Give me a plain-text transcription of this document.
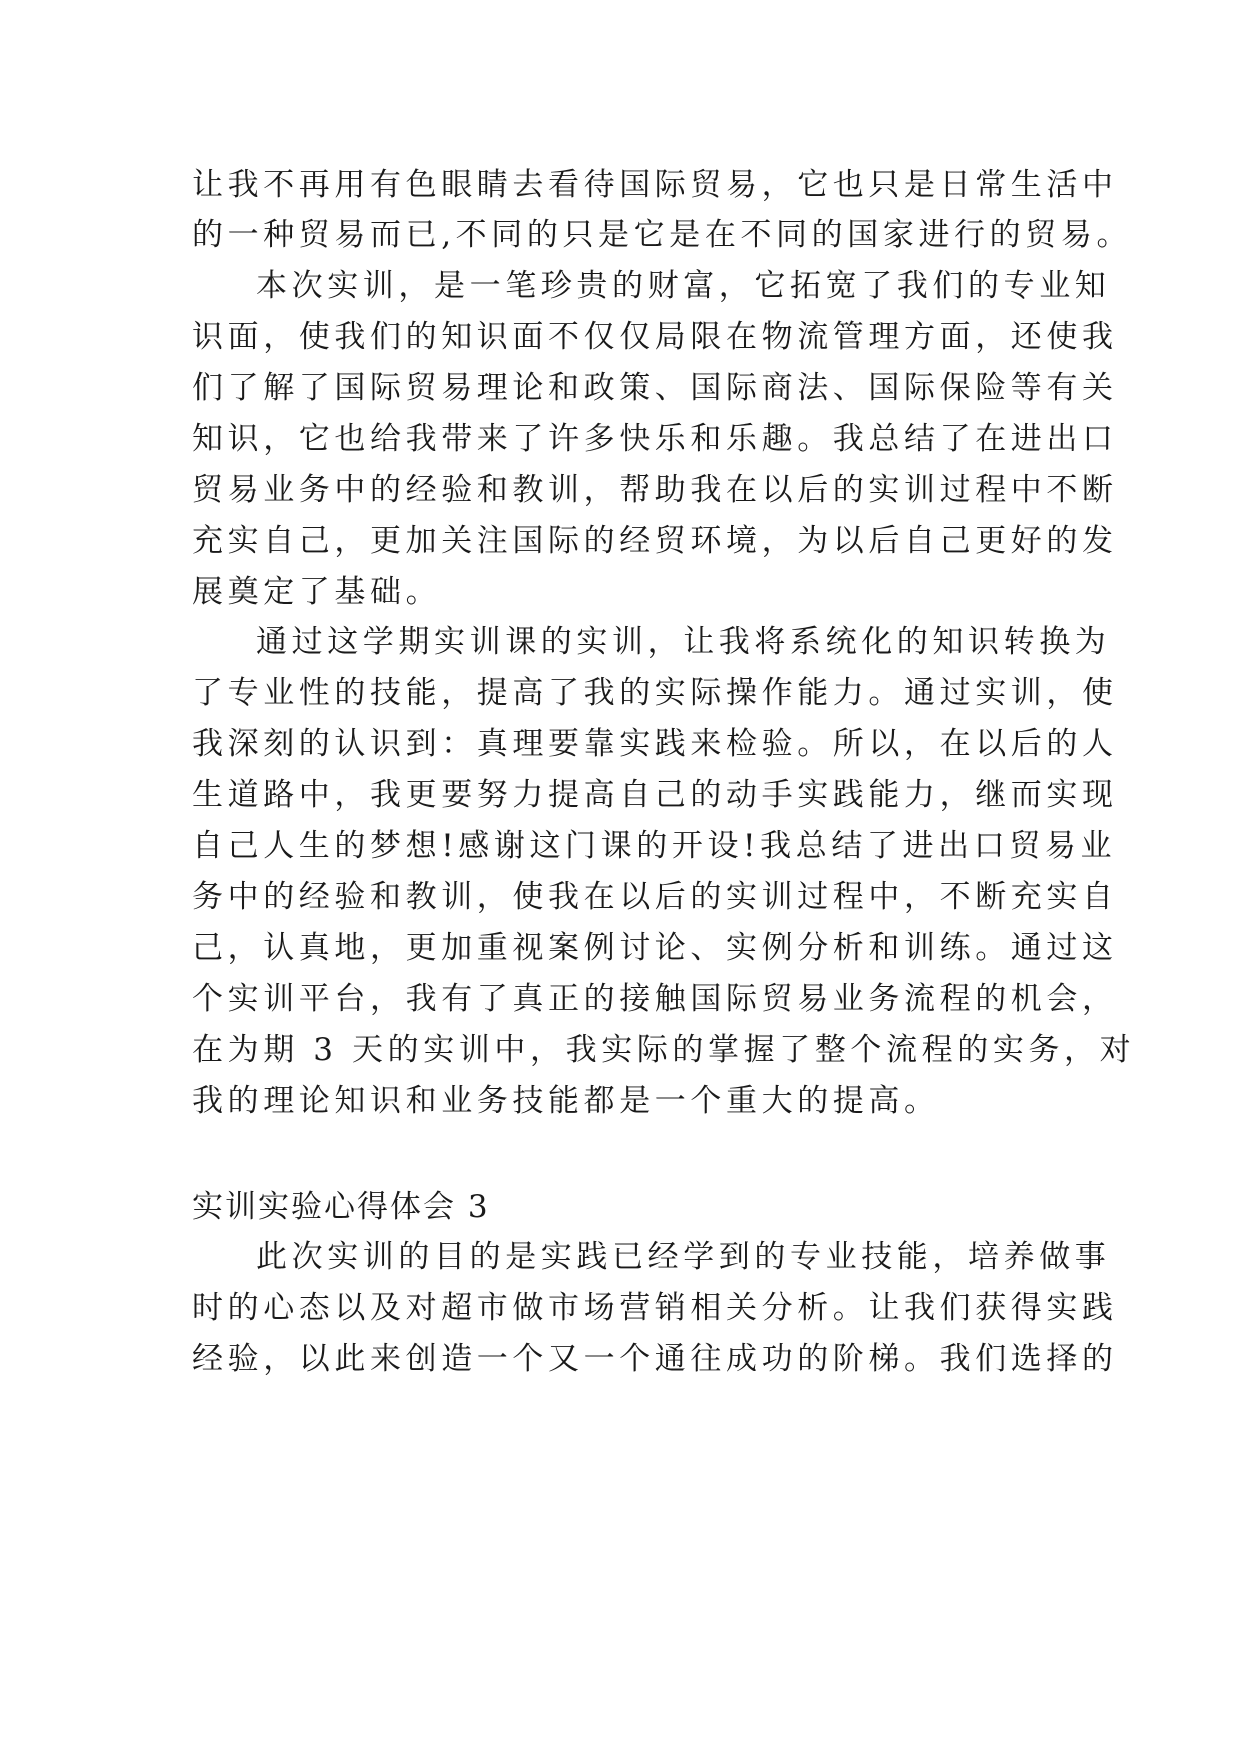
让我不再用有色眼睛去看待国际贸易，它也只是日常生活中
的一种贸易而已,不同的只是它是在不同的国家进行的贸易。
本次实训，是一笔珍贵的财富，它拓宽了我们的专业知
识面，使我们的知识面不仅仅局限在物流管理方面，还使我
们了解了国际贸易理论和政策、国际商法、国际保险等有关
知识，它也给我带来了许多快乐和乐趣。我总结了在进出口
贸易业务中的经验和教训，帮助我在以后的实训过程中不断
充实自己，更加关注国际的经贸环境，为以后自己更好的发
展奠定了基础。
通过这学期实训课的实训，让我将系统化的知识转换为
了专业性的技能，提高了我的实际操作能力。通过实训，使
我深刻的认识到：真理要靠实践来检验。所以，在以后的人
生道路中，我更要努力提高自己的动手实践能力，继而实现
自己人生的梦想!感谢这门课的开设!我总结了进出口贸易业
务中的经验和教训，使我在以后的实训过程中，不断充实自
己，认真地，更加重视案例讨论、实例分析和训练。通过这
个实训平台，我有了真正的接触国际贸易业务流程的机会，
在为期 3 天的实训中，我实际的掌握了整个流程的实务，对
我的理论知识和业务技能都是一个重大的提高。
实训实验心得体会 3
此次实训的目的是实践已经学到的专业技能，培养做事
时的心态以及对超市做市场营销相关分析。让我们获得实践
经验，以此来创造一个又一个通往成功的阶梯。我们选择的
